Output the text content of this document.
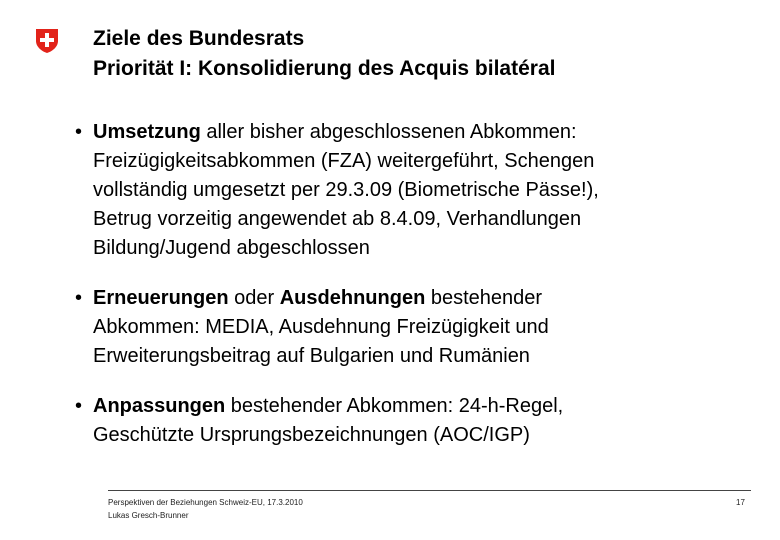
Ziele des Bundesrats
Priorität I: Konsolidierung des Acquis bilatéral
• Umsetzung aller bisher abgeschlossenen Abkommen:
Freizügigkeitsabkommen (FZA) weitergeführt, Schengen
vollständig umgesetzt per 29.3.09 (Biometrische Pässe!),
Betrug vorzeitig angewendet ab 8.4.09, Verhandlungen
Bildung/Jugend abgeschlossen
• Erneuerungen oder Ausdehnungen bestehender
Abkommen: MEDIA, Ausdehnung Freizügigkeit und
Erweiterungsbeitrag auf Bulgarien und Rumänien
• Anpassungen bestehender Abkommen: 24-h-Regel,
Geschützte Ursprungsbezeichnungen (AOC/IGP)
Perspektiven der Beziehungen Schweiz-EU, 17.3.2010
Lukas Gresch-Brunner
17
